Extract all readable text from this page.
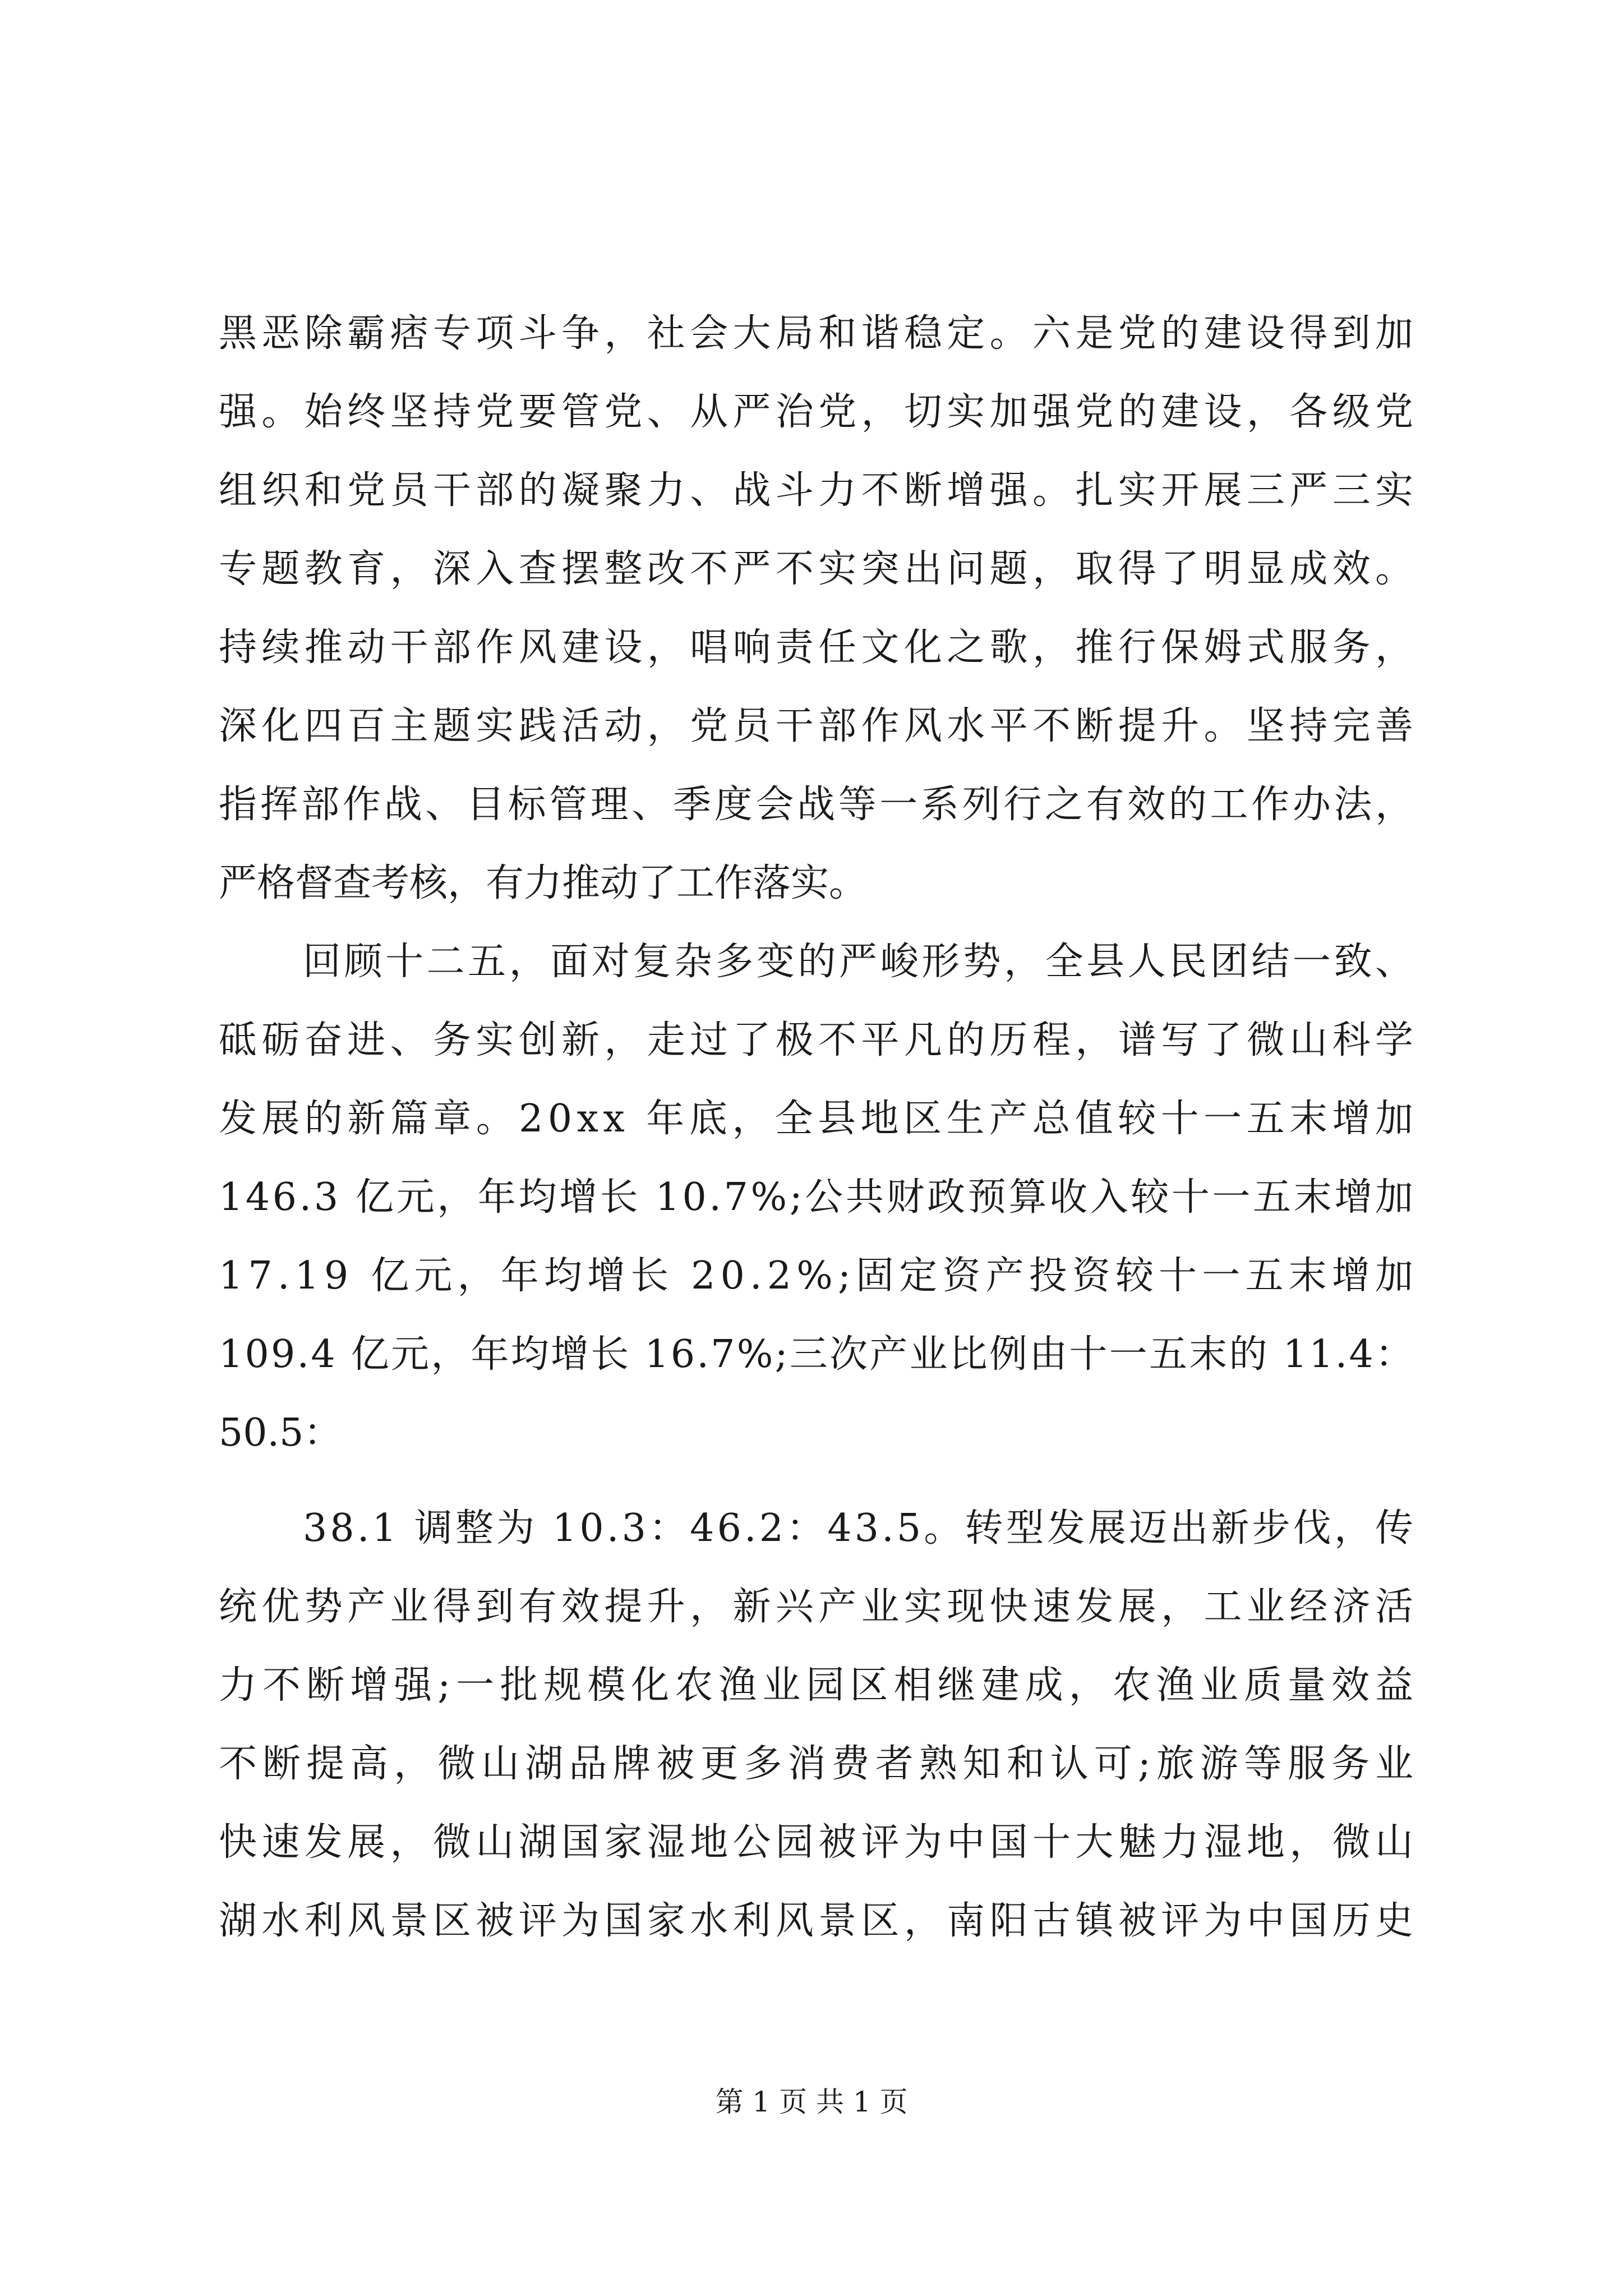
黑恶除霸痞专项斗争，社会大局和谐稳定。六是党的建设得到加
强。始终坚持党要管党、从严治党，切实加强党的建设，各级党
组织和党员干部的凝聚力、战斗力不断增强。扎实开展三严三实
专题教育，深入查摆整改不严不实突出问题，取得了明显成效。
持续推动干部作风建设，唱响责任文化之歌，推行保姆式服务，
深化四百主题实践活动，党员干部作风水平不断提升。坚持完善
指挥部作战、目标管理、季度会战等一系列行之有效的工作办法，
严格督查考核，有力推动了工作落实。
回顾十二五，面对复杂多变的严峻形势，全县人民团结一致、
砥砺奋进、务实创新，走过了极不平凡的历程，谱写了微山科学
发展的新篇章。20xx 年底，全县地区生产总值较十一五末增加
146.3 亿元，年均增长 10.7%;公共财政预算收入较十一五末增加
17.19 亿元，年均增长 20.2%;固定资产投资较十一五末增加
109.4 亿元，年均增长 16.7%;三次产业比例由十一五末的 11.4：
50.5：
38.1 调整为 10.3：46.2：43.5。转型发展迈出新步伐，传
统优势产业得到有效提升，新兴产业实现快速发展，工业经济活
力不断增强;一批规模化农渔业园区相继建成，农渔业质量效益
不断提高，微山湖品牌被更多消费者熟知和认可;旅游等服务业
快速发展，微山湖国家湿地公园被评为中国十大魅力湿地，微山
湖水利风景区被评为国家水利风景区，南阳古镇被评为中国历史
第 1 页 共 1 页
